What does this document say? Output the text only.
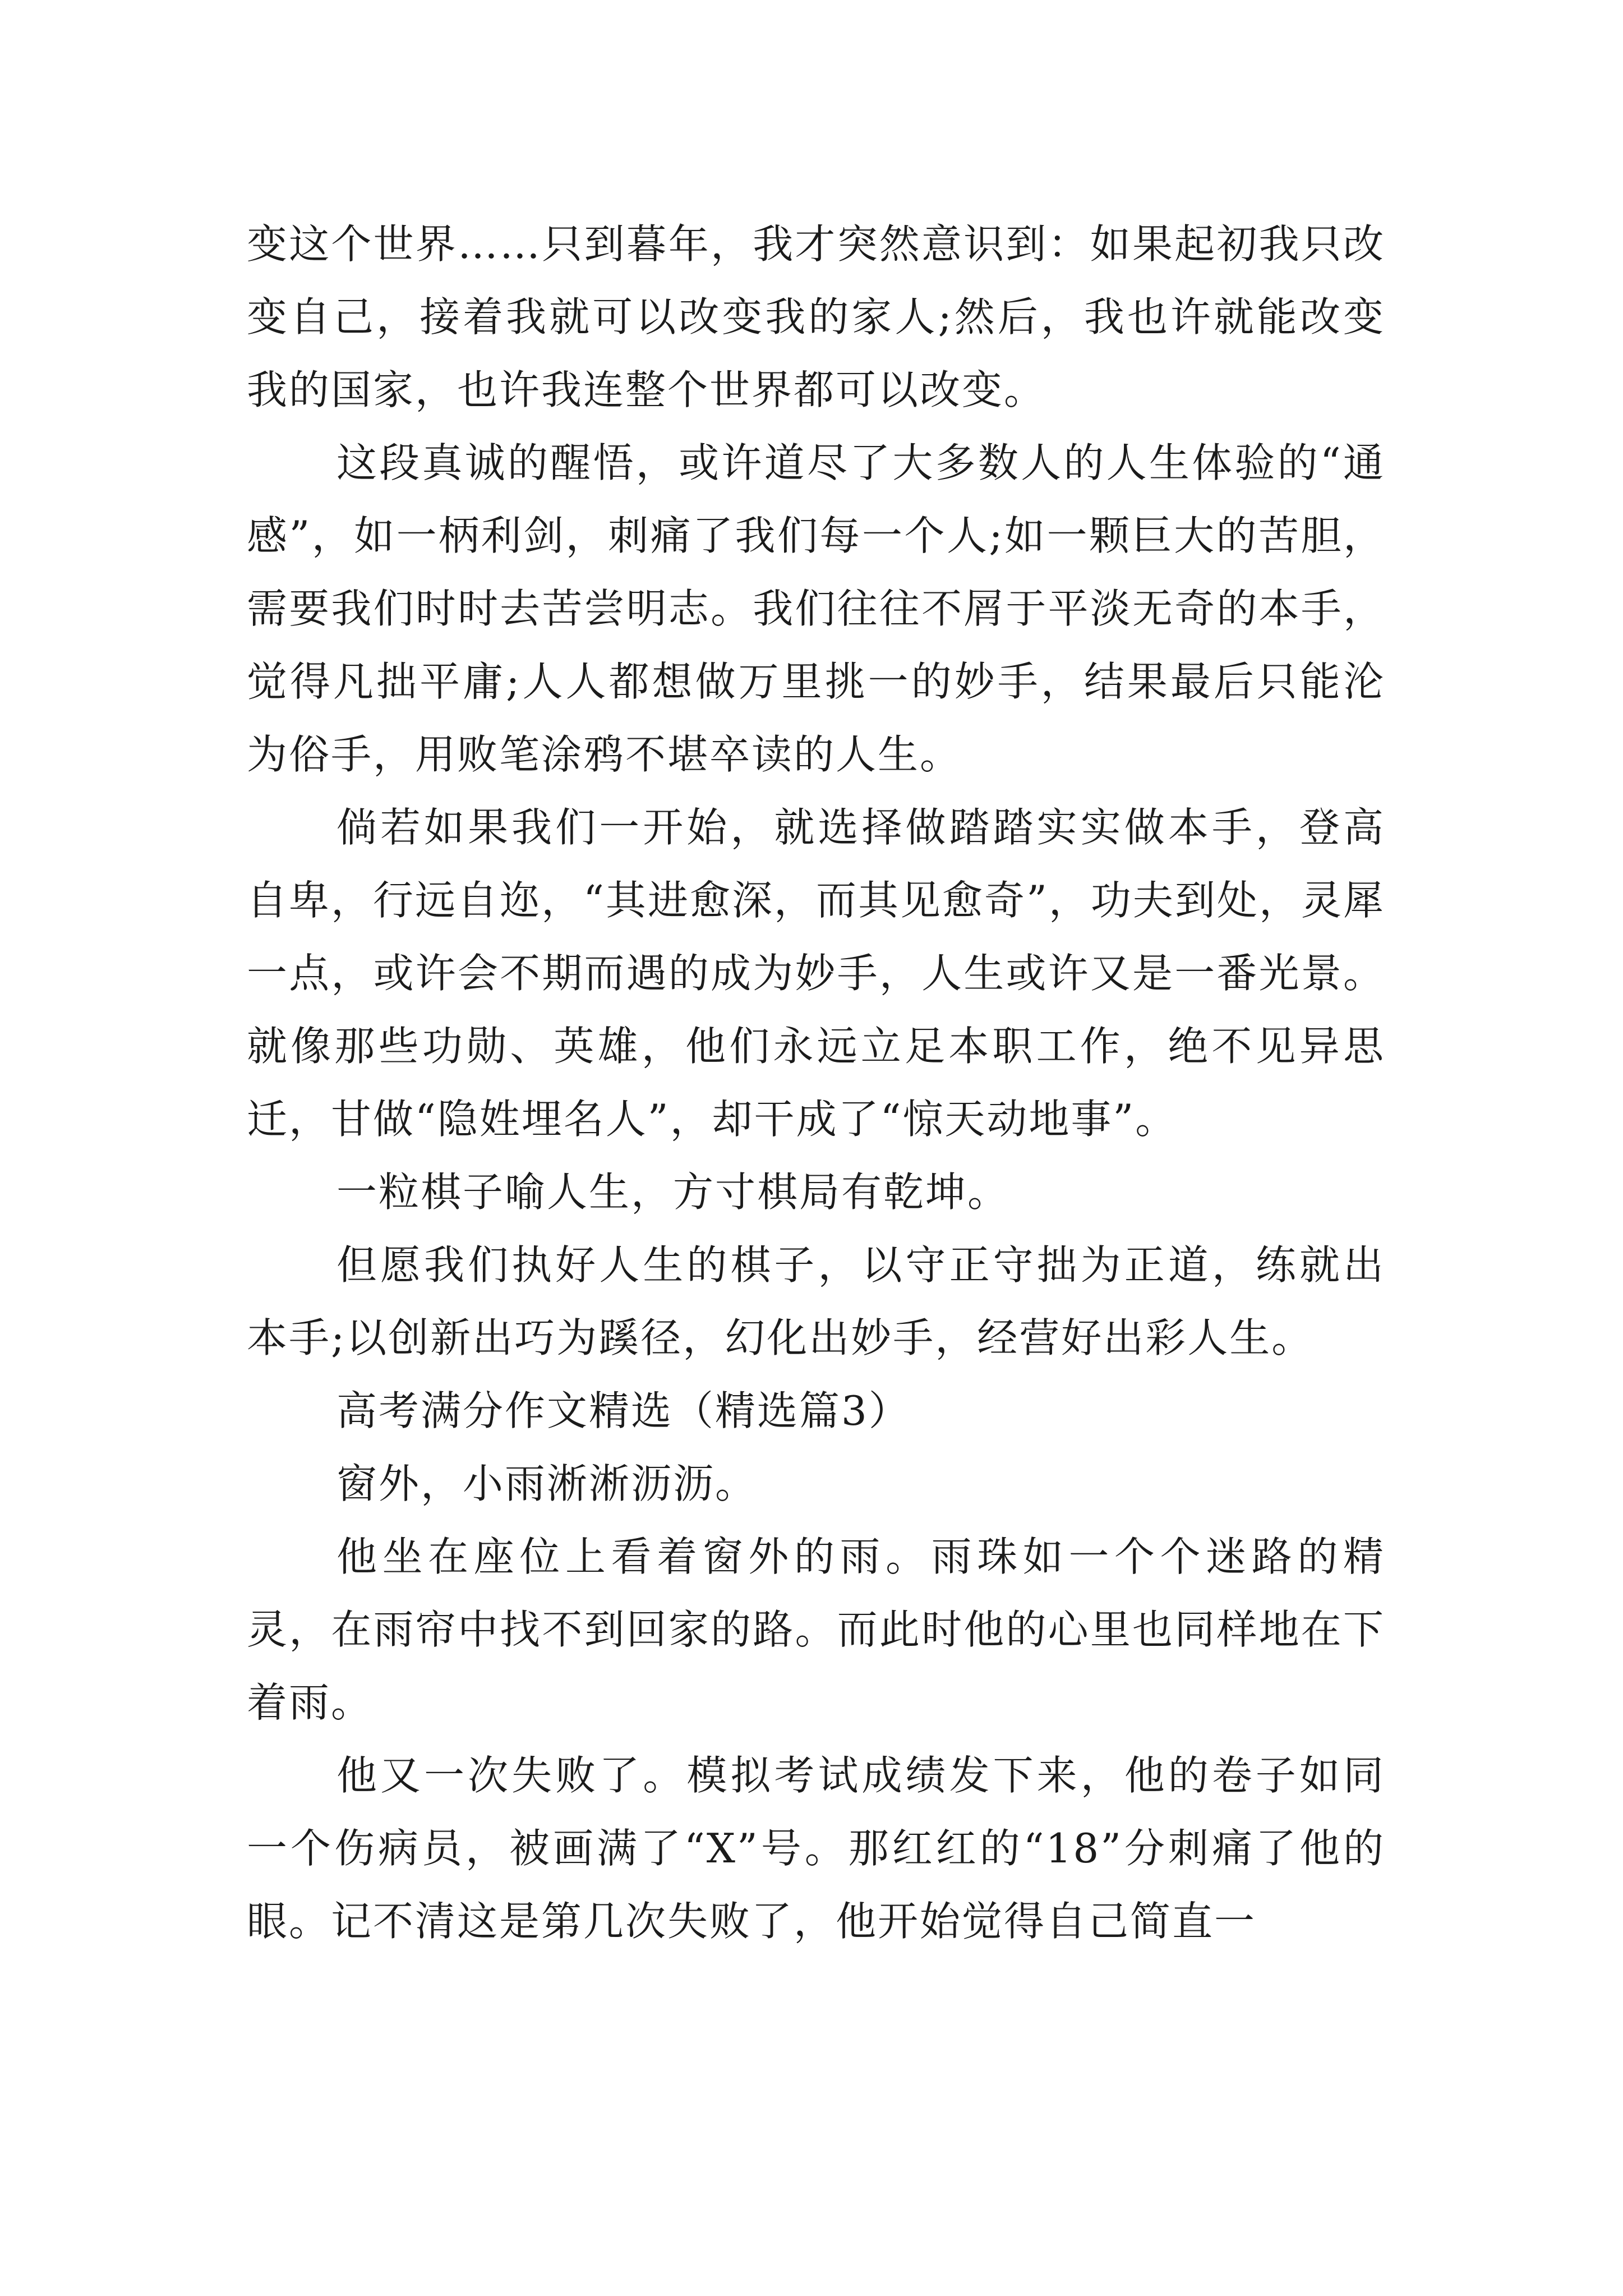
变这个世界……只到暮年，我才突然意识到：如果起初我只改变自己，接着我就可以改变我的家人;然后，我也许就能改变我的国家，也许我连整个世界都可以改变。

这段真诚的醒悟，或许道尽了大多数人的人生体验的“通感”，如一柄利剑，刺痛了我们每一个人;如一颗巨大的苦胆，需要我们时时去苦尝明志。我们往往不屑于平淡无奇的本手，觉得凡拙平庸;人人都想做万里挑一的妙手，结果最后只能沦为俗手，用败笔涂鸦不堪卒读的人生。

倘若如果我们一开始，就选择做踏踏实实做本手，登高自卑，行远自迩，“其进愈深，而其见愈奇”，功夫到处，灵犀一点，或许会不期而遇的成为妙手，人生或许又是一番光景。就像那些功勋、英雄，他们永远立足本职工作，绝不见异思迁，甘做“隐姓埋名人”，却干成了“惊天动地事”。

一粒棋子喻人生，方寸棋局有乾坤。

但愿我们执好人生的棋子，以守正守拙为正道，练就出本手;以创新出巧为蹊径，幻化出妙手，经营好出彩人生。

高考满分作文精选（精选篇3）

窗外，小雨淅淅沥沥。

他坐在座位上看着窗外的雨。雨珠如一个个迷路的精灵，在雨帘中找不到回家的路。而此时他的心里也同样地在下着雨。

他又一次失败了。模拟考试成绩发下来，他的卷子如同一个伤病员，被画满了“X”号。那红红的“18”分刺痛了他的眼。记不清这是第几次失败了，他开始觉得自己简直一
